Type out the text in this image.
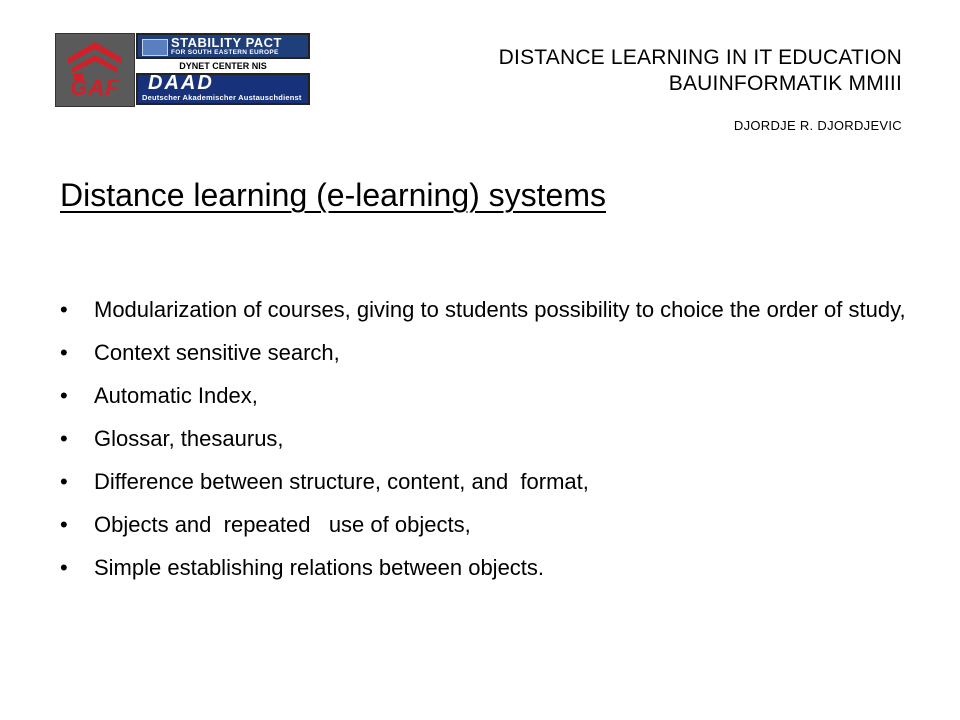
GAF
STABILITY PACT
FOR SOUTH EASTERN EUROPE
DYNET CENTER NIS
DAAD
Deutscher Akademischer Austauschdienst
DISTANCE LEARNING IN IT EDUCATION
BAUINFORMATIK MMIII
DJORDJE R. DJORDJEVIC
Distance learning (e-learning) systems
• Modularization of courses, giving to students possibility to choice the order of study,
• Context sensitive search,
• Automatic Index,
• Glossar, thesaurus,
• Difference between structure, content, and  format,
• Objects and  repeated   use of objects,
• Simple establishing relations between objects.
